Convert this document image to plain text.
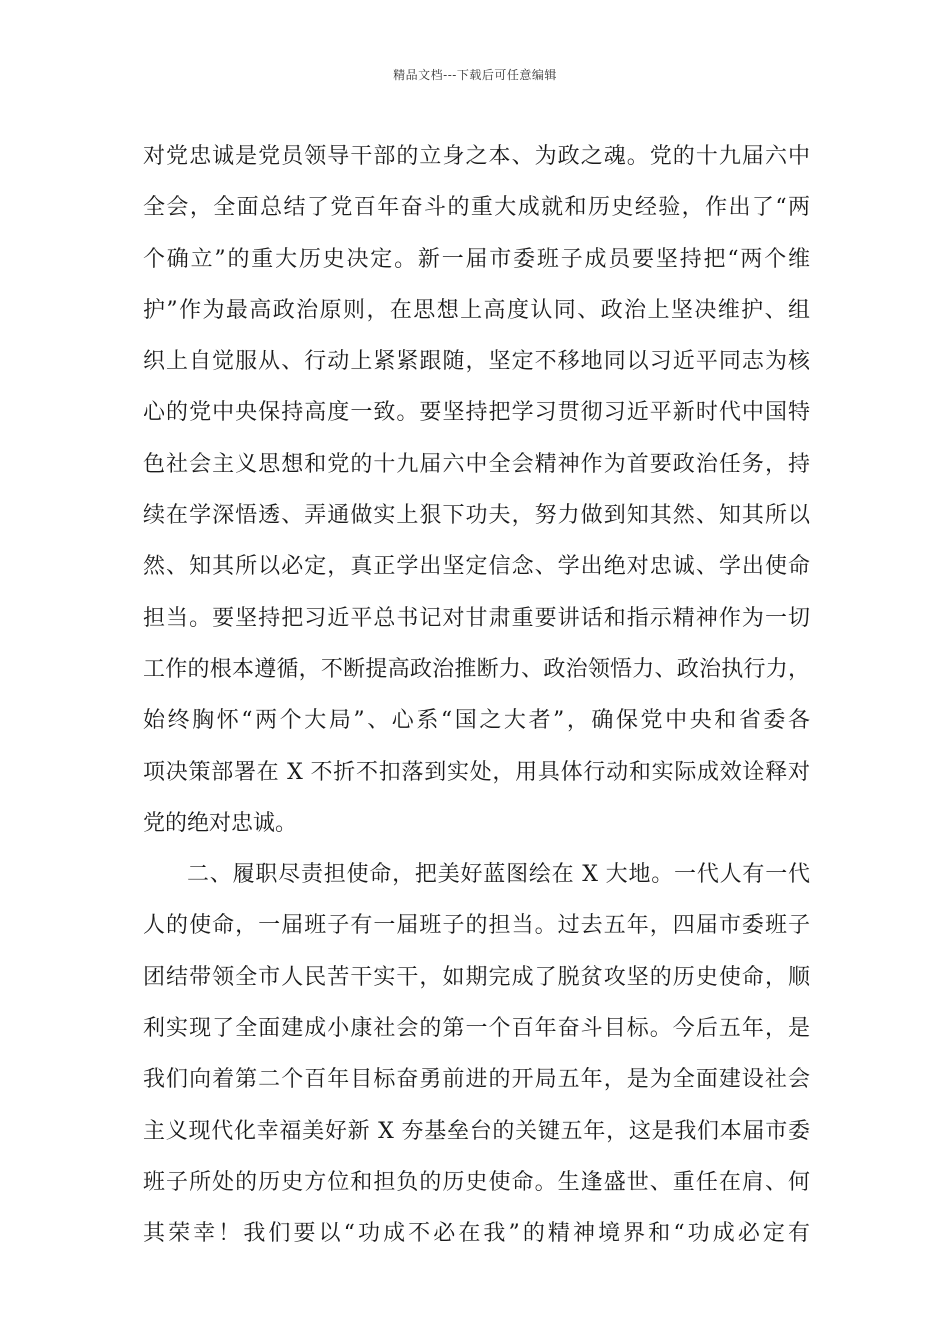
精品文档---下载后可任意编辑
对党忠诚是党员领导干部的立身之本、为政之魂。党的十九届六中
全会，全面总结了党百年奋斗的重大成就和历史经验，作出了“两
个确立”的重大历史决定。新一届市委班子成员要坚持把“两个维
护”作为最高政治原则，在思想上高度认同、政治上坚决维护、组
织上自觉服从、行动上紧紧跟随，坚定不移地同以习近平同志为核
心的党中央保持高度一致。要坚持把学习贯彻习近平新时代中国特
色社会主义思想和党的十九届六中全会精神作为首要政治任务，持
续在学深悟透、弄通做实上狠下功夫，努力做到知其然、知其所以
然、知其所以必定，真正学出坚定信念、学出绝对忠诚、学出使命
担当。要坚持把习近平总书记对甘肃重要讲话和指示精神作为一切
工作的根本遵循，不断提高政治推断力、政治领悟力、政治执行力，
始终胸怀“两个大局”、心系“国之大者”，确保党中央和省委各
项决策部署在 X 不折不扣落到实处，用具体行动和实际成效诠释对
党的绝对忠诚。
二、履职尽责担使命，把美好蓝图绘在 X 大地。一代人有一代
人的使命，一届班子有一届班子的担当。过去五年，四届市委班子
团结带领全市人民苦干实干，如期完成了脱贫攻坚的历史使命，顺
利实现了全面建成小康社会的第一个百年奋斗目标。今后五年，是
我们向着第二个百年目标奋勇前进的开局五年，是为全面建设社会
主义现代化幸福美好新 X 夯基垒台的关键五年，这是我们本届市委
班子所处的历史方位和担负的历史使命。生逢盛世、重任在肩、何
其荣幸！我们要以“功成不必在我”的精神境界和“功成必定有
